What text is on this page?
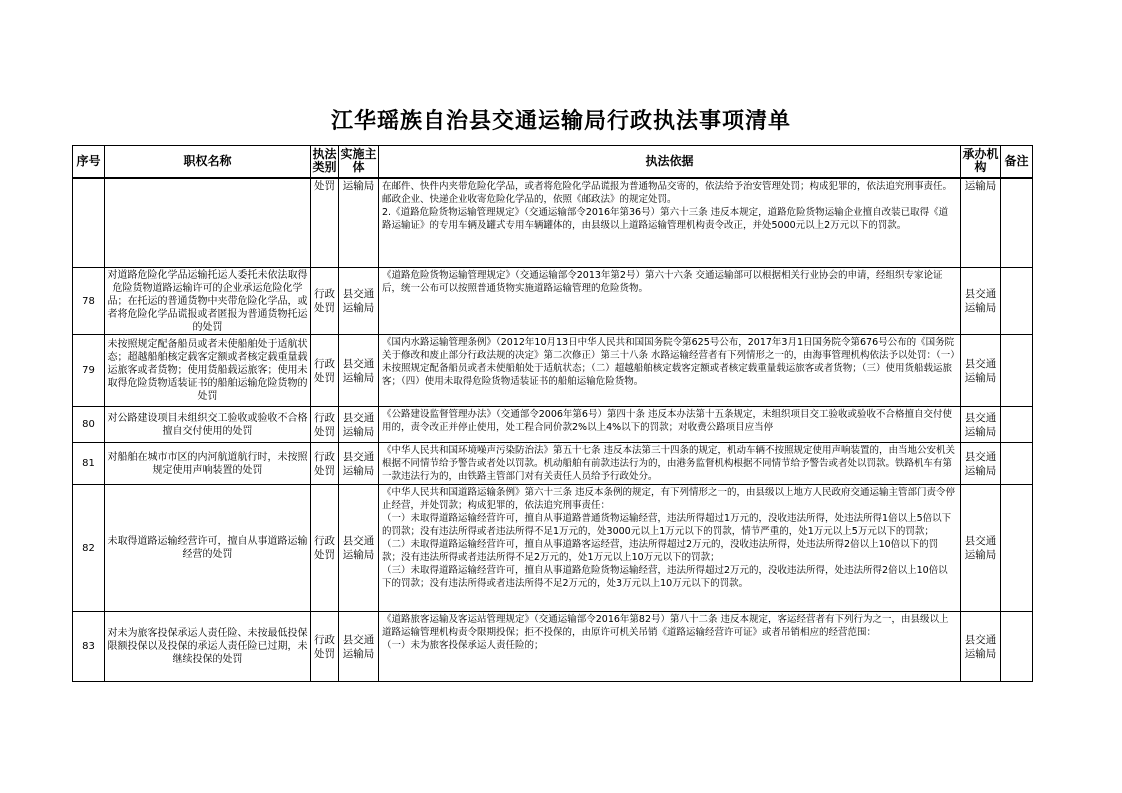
江华瑶族自治县交通运输局行政执法事项清单
序号	职权名称	执法类别	实施主体	执法依据	承办机构	备注

		处罚	运输局	在邮件、快件内夹带危险化学品，或者将危险化学品谎报为普通物品交寄的，依法给予治安管理处罚；构成犯罪的，依法追究刑事责任。
邮政企业、快递企业收寄危险化学品的，依照《邮政法》的规定处罚。
2.《道路危险货物运输管理规定》（交通运输部令2016年第36号）第六十三条 违反本规定，道路危险货物运输企业擅自改装已取得《道路运输证》的专用车辆及罐式专用车辆罐体的，由县级以上道路运输管理机构责令改正，并处5000元以上2万元以下的罚款。	运输局	

78	对道路危险化学品运输托运人委托未依法取得危险货物道路运输许可的企业承运危险化学品；在托运的普通货物中夹带危险化学品，或者将危险化学品谎报或者匿报为普通货物托运的处罚	行政处罚	县交通运输局	《道路危险货物运输管理规定》（交通运输部令2013年第2号）第六十六条 交通运输部可以根据相关行业协会的申请，经组织专家论证后，统一公布可以按照普通货物实施道路运输管理的危险货物。	县交通运输局	

79	未按照规定配备船员或者未使船舶处于适航状态；超越船舶核定载客定额或者核定载重量载运旅客或者货物；使用货船载运旅客；使用未取得危险货物适装证书的船舶运输危险货物的处罚	行政处罚	县交通运输局	《国内水路运输管理条例》（2012年10月13日中华人民共和国国务院令第625号公布，2017年3月1日国务院令第676号公布的《国务院关于修改和废止部分行政法规的决定》第二次修正）第三十八条 水路运输经营者有下列情形之一的，由海事管理机构依法予以处罚：（一）未按照规定配备船员或者未使船舶处于适航状态；（二）超越船舶核定载客定额或者核定载重量载运旅客或者货物；（三）使用货船载运旅客；（四）使用未取得危险货物适装证书的船舶运输危险货物。	县交通运输局	

80	对公路建设项目未组织交工验收或验收不合格擅自交付使用的处罚	行政处罚	县交通运输局	《公路建设监督管理办法》（交通部令2006年第6号）第四十条 违反本办法第十五条规定，未组织项目交工验收或验收不合格擅自交付使用的，责令改正并停止使用，处工程合同价款2%以上4%以下的罚款；对收费公路项目应当停	县交通运输局	

81	对船舶在城市市区的内河航道航行时，未按照规定使用声响装置的处罚	行政处罚	县交通运输局	《中华人民共和国环境噪声污染防治法》第五十七条 违反本法第三十四条的规定，机动车辆不按照规定使用声响装置的，由当地公安机关根据不同情节给予警告或者处以罚款。机动船舶有前款违法行为的，由港务监督机构根据不同情节给予警告或者处以罚款。铁路机车有第一款违法行为的，由铁路主管部门对有关责任人员给予行政处分。	县交通运输局	

82	未取得道路运输经营许可，擅自从事道路运输经营的处罚	行政处罚	县交通运输局	《中华人民共和国道路运输条例》第六十三条 违反本条例的规定，有下列情形之一的，由县级以上地方人民政府交通运输主管部门责令停止经营，并处罚款；构成犯罪的，依法追究刑事责任：
（一）未取得道路运输经营许可，擅自从事道路普通货物运输经营，违法所得超过1万元的，没收违法所得，处违法所得1倍以上5倍以下的罚款；没有违法所得或者违法所得不足1万元的，处3000元以上1万元以下的罚款，情节严重的，处1万元以上5万元以下的罚款；
（二）未取得道路运输经营许可，擅自从事道路客运经营，违法所得超过2万元的，没收违法所得，处违法所得2倍以上10倍以下的罚款；没有违法所得或者违法所得不足2万元的，处1万元以上10万元以下的罚款；
（三）未取得道路运输经营许可，擅自从事道路危险货物运输经营，违法所得超过2万元的，没收违法所得，处违法所得2倍以上10倍以下的罚款；没有违法所得或者违法所得不足2万元的，处3万元以上10万元以下的罚款。	县交通运输局	

83	对未为旅客投保承运人责任险、未按最低投保限额投保以及投保的承运人责任险已过期，未继续投保的处罚	行政处罚	县交通运输局	《道路旅客运输及客运站管理规定》（交通运输部令2016年第82号）第八十二条 违反本规定，客运经营者有下列行为之一，由县级以上道路运输管理机构责令限期投保；拒不投保的，由原许可机关吊销《道路运输经营许可证》或者吊销相应的经营范围：
（一）未为旅客投保承运人责任险的；	县交通运输局	
